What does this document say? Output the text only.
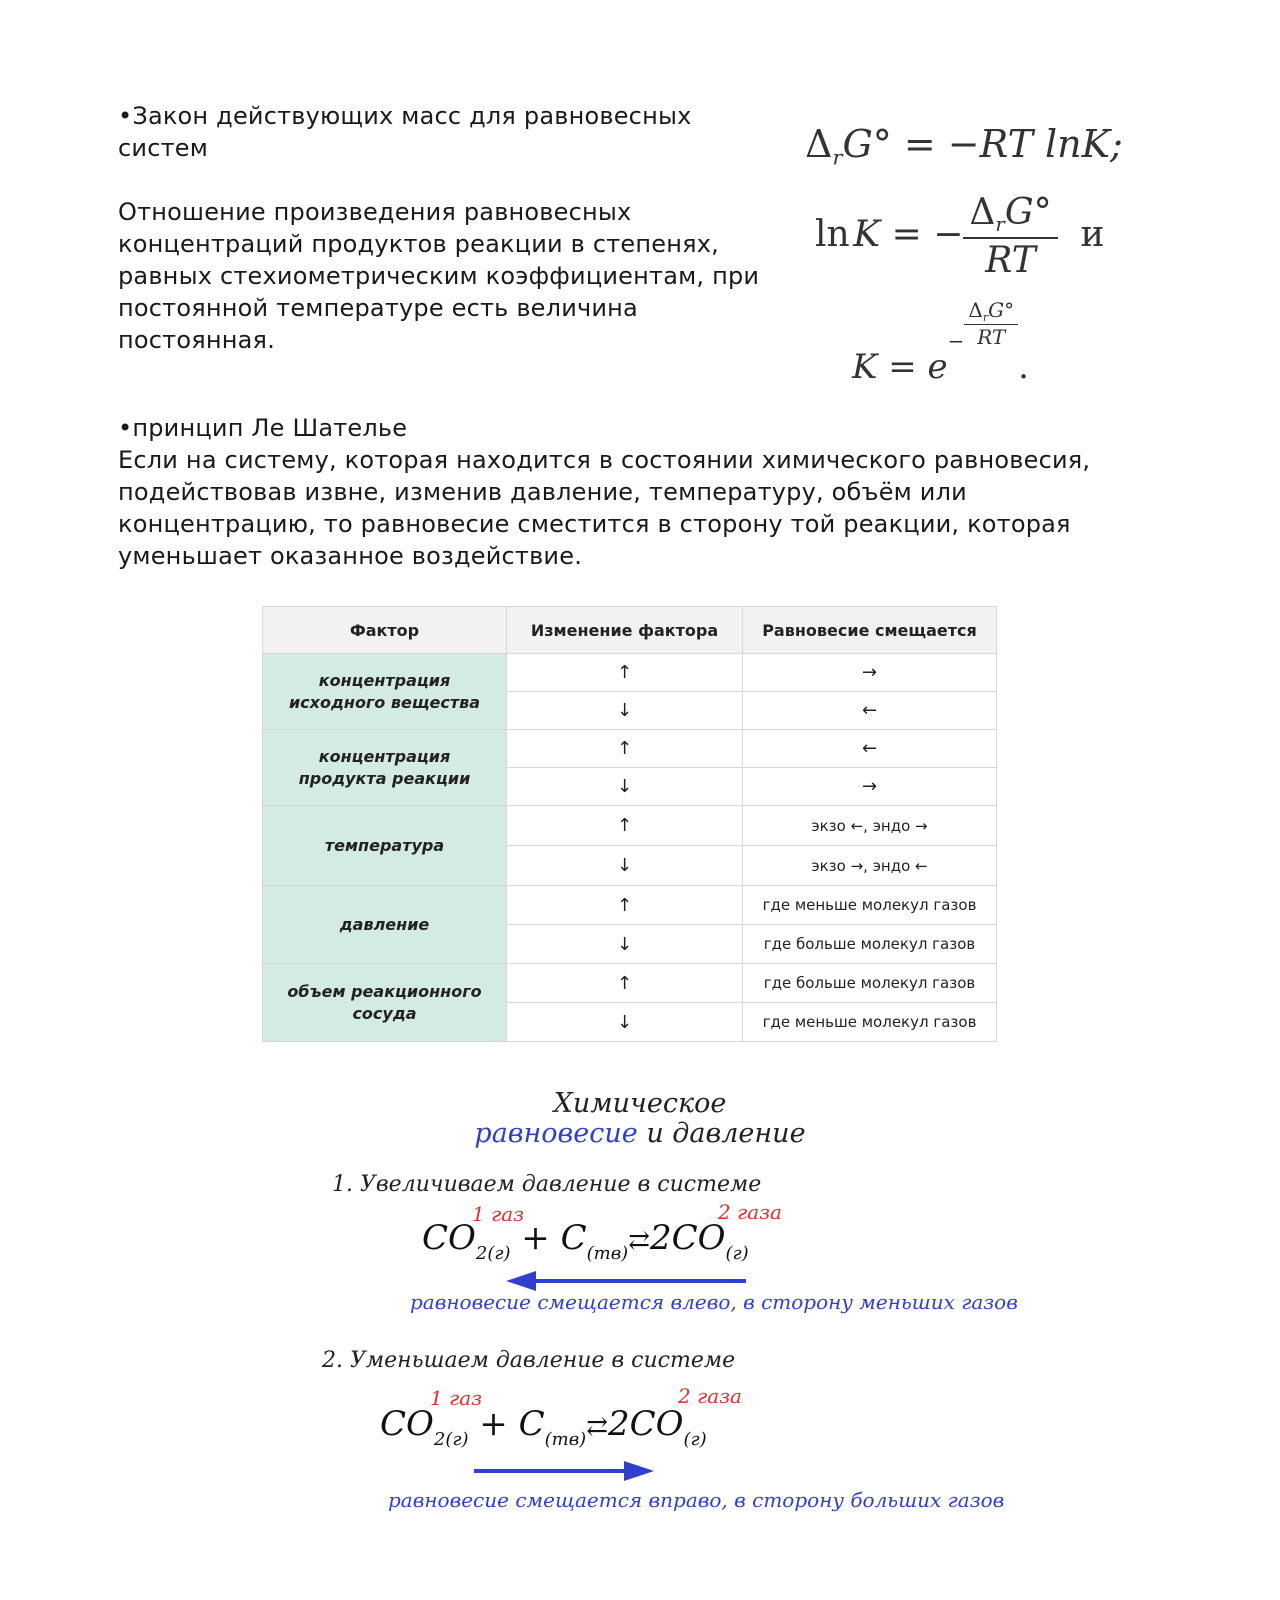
•Закон действующих масс для равновесных систем
Отношение произведения равновесных концентраций продуктов реакции в степенях, равных стехиометрическим коэффициентам, при постоянной температуре есть величина постоянная.
$\Delta_rG^\circ = -RT$ lnK;
ln K = − $\frac{\Delta_rG^\circ}{RT}$ и
$K = e^- \frac{\Delta_rG^\circ}{RT}$
.
•принцип Ле Шателье
Если на систему, которая находится в состоянии химического равновесия, подействовав извне, изменив давление, температуру, объём или концентрацию, то равновесие сместится в сторону той реакции, которая уменьшает оказанное воздействие.
Фактор	Изменение фактора	Равновесие смещается
концентрация исходного вещества	↑	→
	↓	←
концентрация продукта реакции	↑	←
	↓	→
температура	↑	экзо ←, эндо →
	↓	экзо →, эндо ←
давление	↑	где меньше молекул газов
	↓	где больше молекул газов
объем реакционного сосуда	↑	где больше молекул газов
	↓	где меньше молекул газов
Химическое
равновесие и давление
1. Увеличиваем давление в системе
1 газ	2 газа
$CO_{2(г)}$ + $C_{(тв)}⇄2CO_{(г)}$
равновесие смещается влево, в сторону меньших газов
2. Уменьшаем давление в системе
1 газ	2 газа
$CO_{2(г)}$ + $C_{(тв)}⇄2CO_{(г)}$
равновесие смещается вправо, в сторону больших газов
